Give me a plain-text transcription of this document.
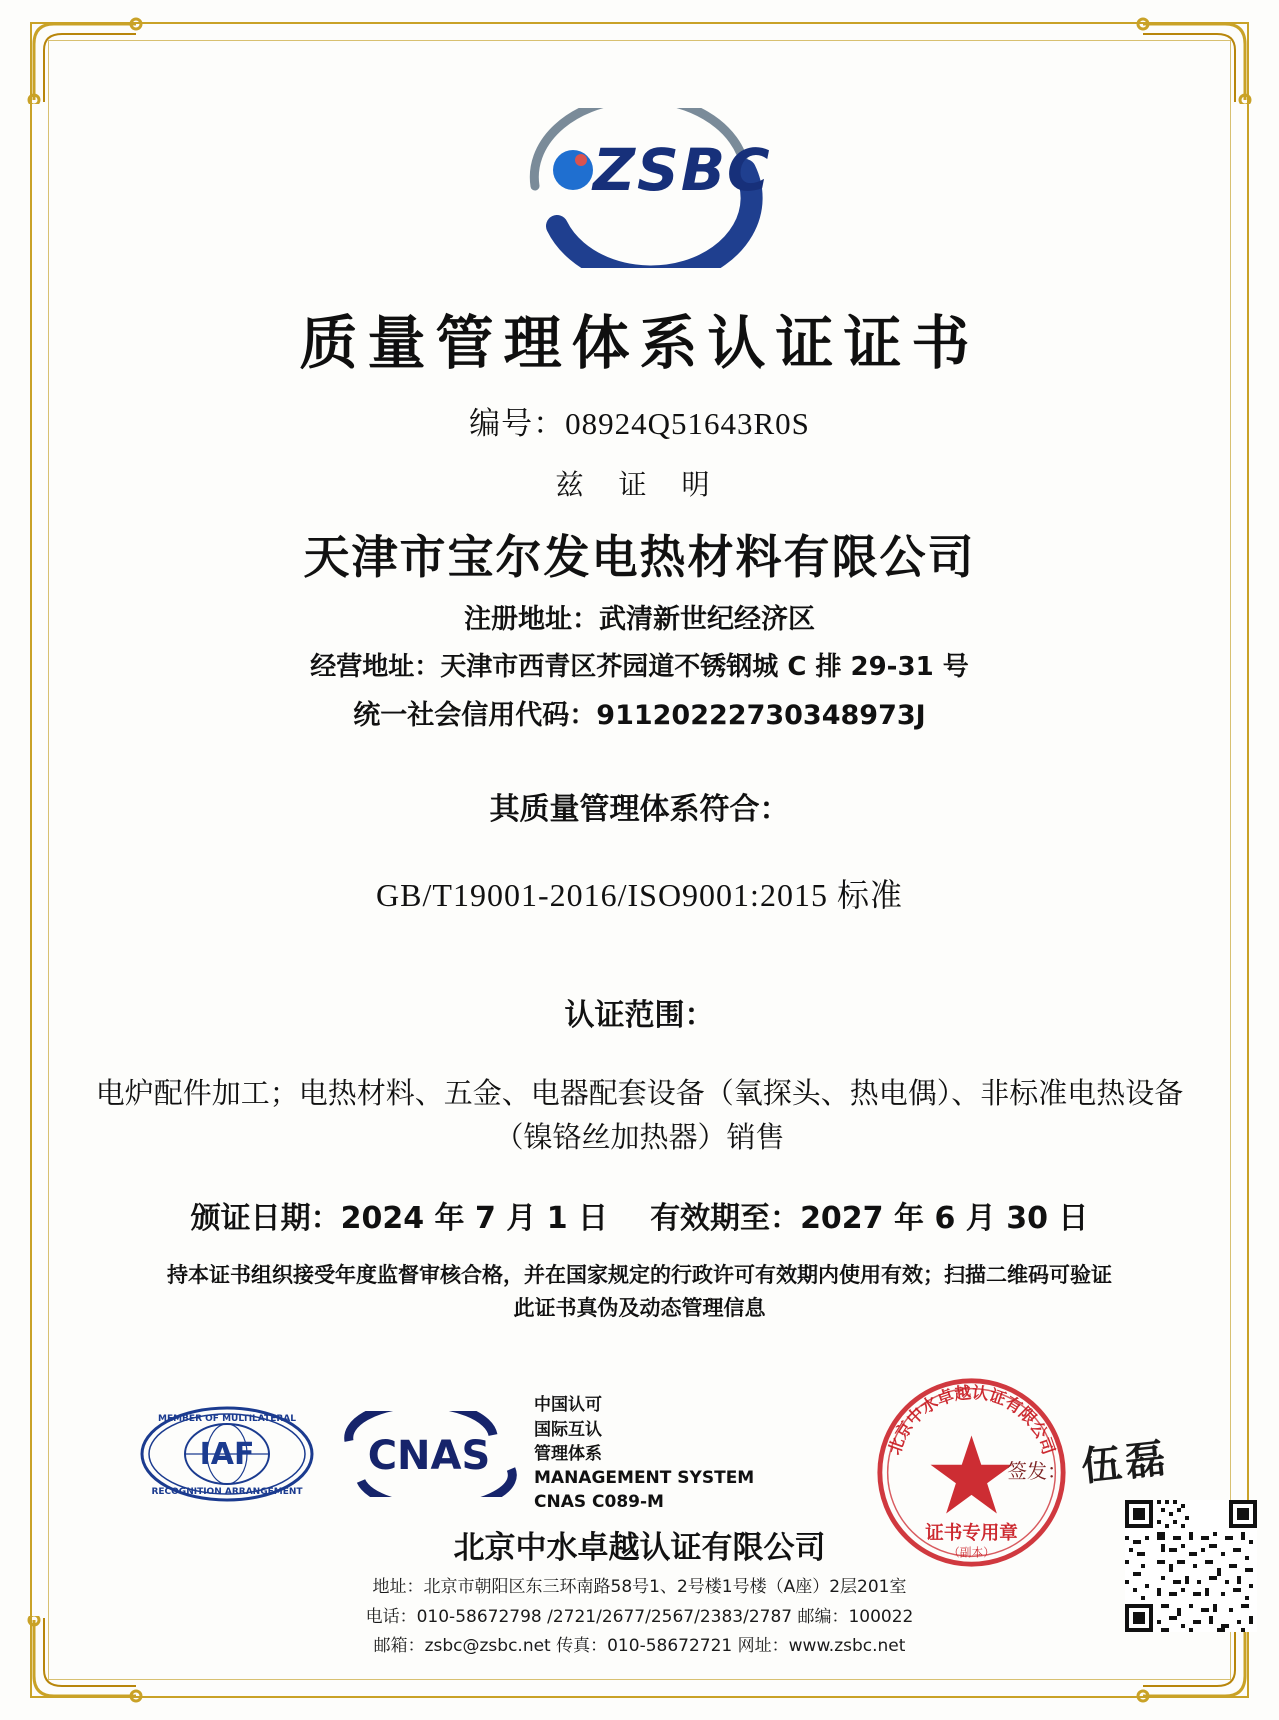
ZSBC
质量管理体系认证证书
编号：08924Q51643R0S
兹 证 明
天津市宝尔发电热材料有限公司
注册地址：武清新世纪经济区
经营地址：天津市西青区芥园道不锈钢城 C 排 29-31 号
统一社会信用代码：91120222730348973J
其质量管理体系符合：
GB/T19001-2016/ISO9001:2015 标准
认证范围：
电炉配件加工；电热材料、五金、电器配套设备（氧探头、热电偶）、非标准电热设备（镍铬丝加热器）销售
颁证日期：2024 年 7 月 1 日 有效期至：2027 年 6 月 30 日
持本证书组织接受年度监督审核合格，并在国家规定的行政许可有效期内使用有效；扫描二维码可验证
此证书真伪及动态管理信息
IAF
MEMBER OF MULTILATERAL
RECOGNITION ARRANGEMENT
CNAS
中国认可
国际互认
管理体系
MANAGEMENT SYSTEM
CNAS C089-M
北京中水卓越认证有限公司
地址：北京市朝阳区东三环南路58号1、2号楼1号楼（A座）2层201室
电话：010-58672798 /2721/2677/2567/2383/2787 邮编：100022
邮箱：zsbc@zsbc.net 传真：010-58672721 网址：www.zsbc.net
北京中水卓越认证有限公司
证书专用章
（副本）
签发： 伍磊
